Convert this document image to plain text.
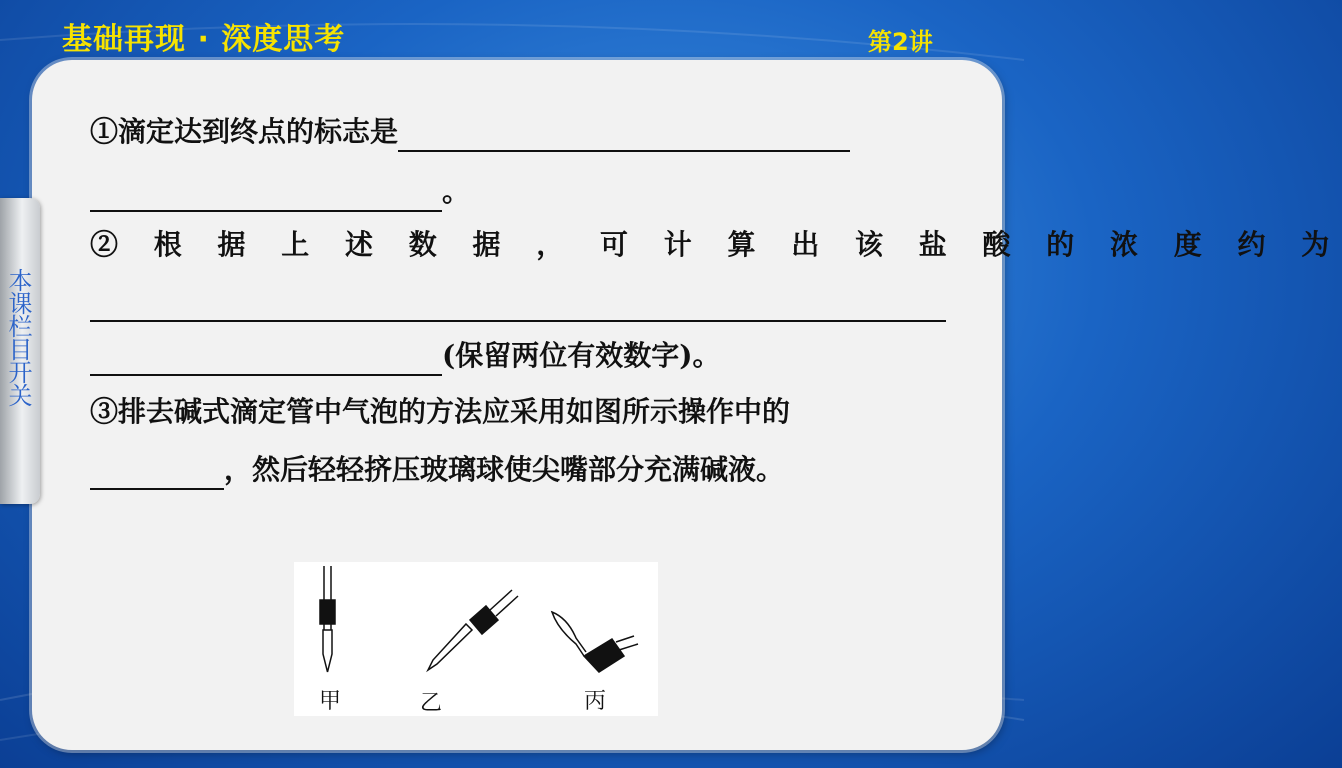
基础再现 · 深度思考	第2讲
本课栏目开关
①滴定达到终点的标志是
。
② 根 据 上 述 数 据 ， 可 计 算 出 该 盐 酸 的 浓 度 约 为
(保留两位有效数字)。
③排去碱式滴定管中气泡的方法应采用如图所示操作中的
，然后轻轻挤压玻璃球使尖嘴部分充满碱液。
甲	乙	丙
